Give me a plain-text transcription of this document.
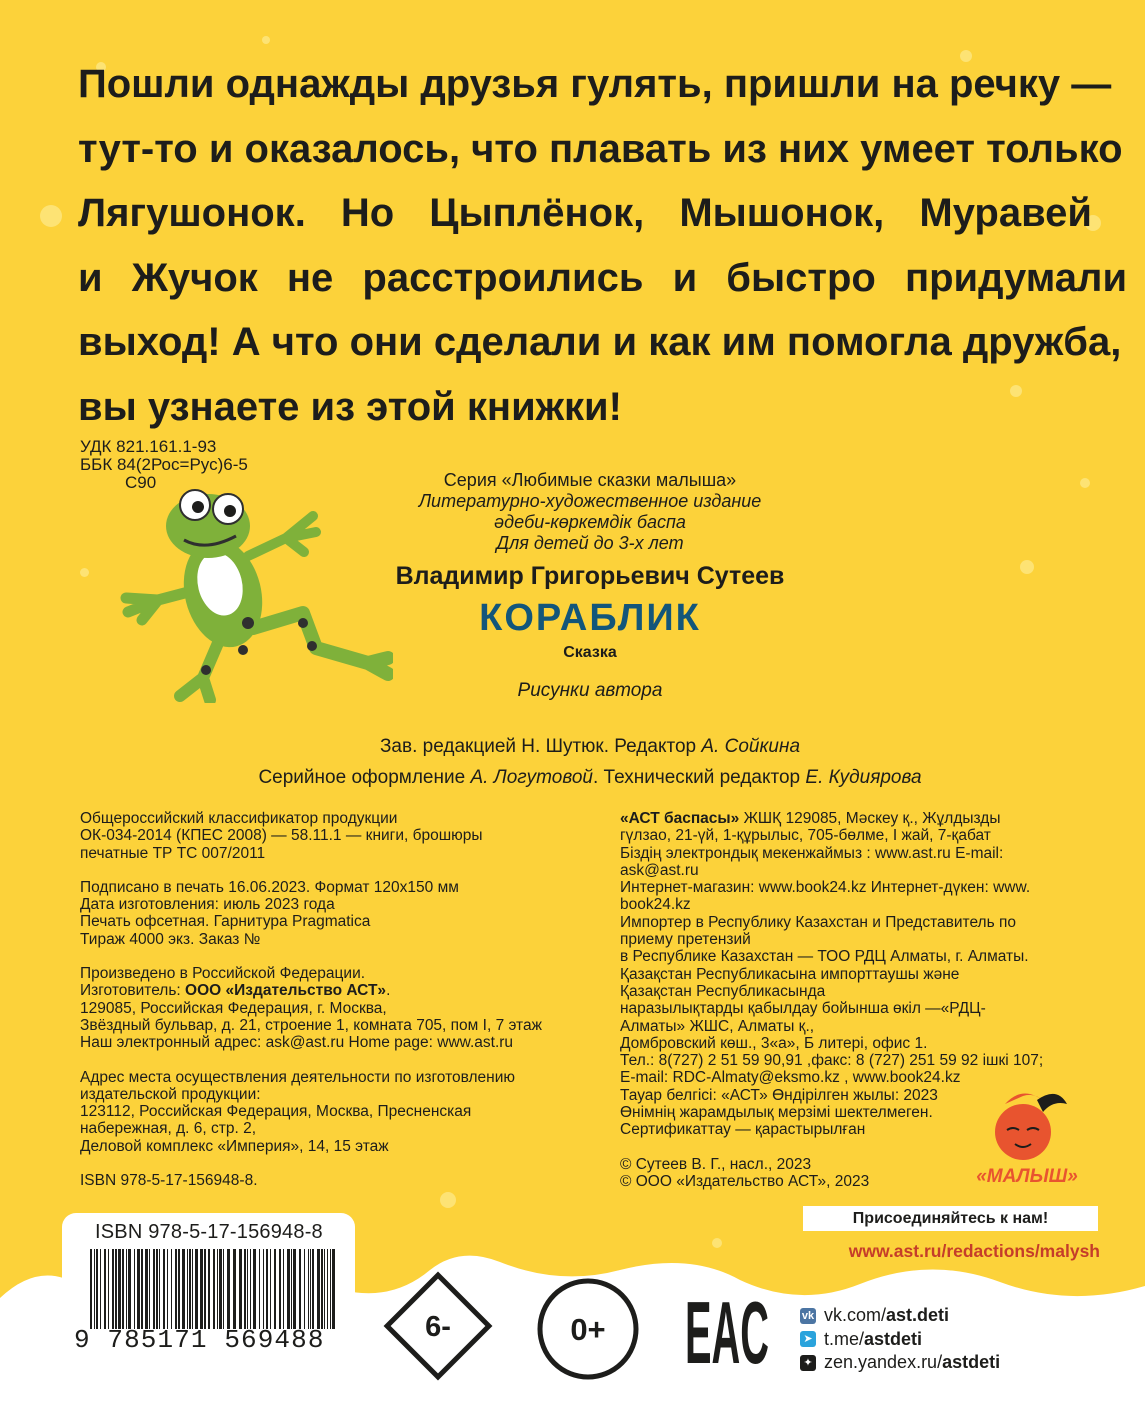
Пошли однажды друзья гулять, пришли на речку —
тут-то и оказалось, что плавать из них умеет только
Лягушонок. Но Цыплёнок, Мышонок, Муравей
и Жучок не расстроились и быстро придумали
выход! А что они сделали и как им помогла дружба,
вы узнаете из этой книжки!
УДК 821.161.1-93
ББК 84(2Рос=Рус)6-5
С90	Серия «Любимые сказки малыша»
Литературно-художественное издание
әдеби-көркемдік баспа
Для детей до 3-х лет
Владимир Григорьевич Сутеев
КОРАБЛИК
Сказка
Рисунки автора
Зав. редакцией Н. Шутюк. Редактор А. Сойкина
Серийное оформление А. Логутовой. Технический редактор Е. Кудиярова
Общероссийский классификатор продукции
ОК-034-2014 (КПЕС 2008) — 58.11.1 — книги, брошюры
печатные ТР ТС 007/2011
Подписано в печать 16.06.2023. Формат 120х150 мм
Дата изготовления: июль 2023 года
Печать офсетная. Гарнитура Pragmatica
Тираж 4000 экз. Заказ №
Произведено в Российской Федерации.
Изготовитель: ООО «Издательство АСТ».
129085, Российская Федерация, г. Москва,
Звёздный бульвар, д. 21, строение 1, комната 705, пом I, 7 этаж
Наш электронный адрес: ask@ast.ru Home page: www.ast.ru
Адрес места осуществления деятельности по изготовлению
издательской продукции:
123112, Российская Федерация, Москва, Пресненская
набережная, д. 6, стр. 2,
Деловой комплекс «Империя», 14, 15 этаж
ISBN 978-5-17-156948-8.
«АСТ баспасы» ЖШҚ 129085, Мәскеу қ., Жұлдызды
гүлзао, 21-үй, 1-құрылыс, 705-бөлме, I жай, 7-қабат
Біздің электрондық мекенжаймыз : www.ast.ru E-mail:
ask@ast.ru
Интернет-магазин: www.book24.kz Интернет-дүкен: www.
book24.kz
Импортер в Республику Казахстан и Представитель по
приему претензий
в Республике Казахстан — ТОО РДЦ Алматы, г. Алматы.
Қазақстан Республикасына импорттаушы және
Қазақстан Республикасында
наразылықтарды қабылдау бойынша өкіл —«РДЦ-
Алматы» ЖШС, Алматы қ.,
Домбровский көш., 3«а», Б литері, офис 1.
Тел.: 8(727) 2 51 59 90,91 ,факс: 8 (727) 251 59 92 ішкі 107;
E-mail: RDC-Almaty@eksmo.kz , www.book24.kz
Тауар белгісі: «АСТ» Өндірілген жылы: 2023
Өнімнің жарамдылық мерзімі шектелмеген.
Сертификаттау — қарастырылған
© Сутеев В. Г., насл., 2023
© ООО «Издательство АСТ», 2023	«МАЛЫШ»
Присоединяйтесь к нам!
www.ast.ru/redactions/malysh
ISBN 978-5-17-156948-8
9 785171 569488	6-	0+ EAC	vk vk.com/ ast.deti
➤ t.me/ astdeti
✦ zen.yandex.ru/ astdeti
